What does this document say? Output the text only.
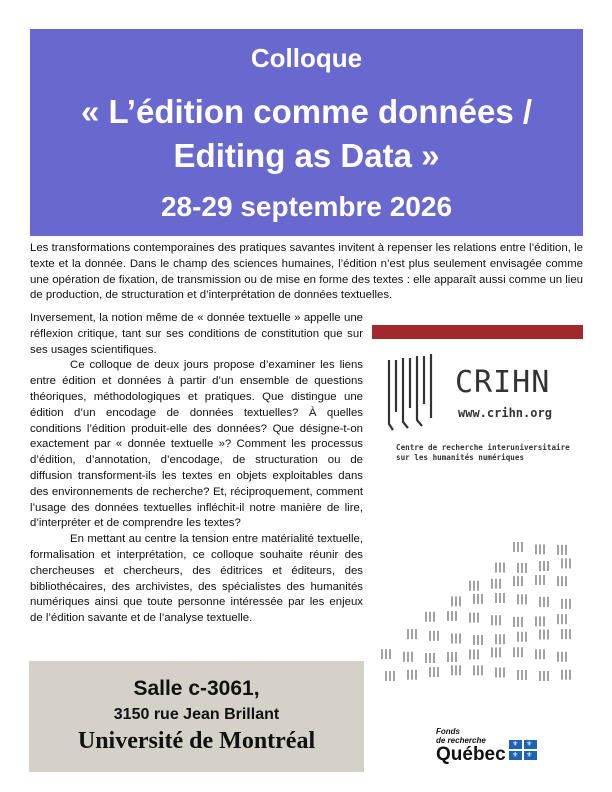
Colloque
« L’édition comme données /
Editing as Data »
28-29 septembre 2026

Les transformations contemporaines des pratiques savantes invitent à repenser les relations entre l’édition, le texte et la donnée. Dans le champ des sciences humaines, l’édition n’est plus seulement envisagée comme une opération de fixation, de transmission ou de mise en forme des textes : elle apparaît aussi comme un lieu de production, de structuration et d’interprétation de données textuelles.

Inversement, la notion même de « donnée textuelle » appelle une réflexion critique, tant sur ses conditions de constitution que sur ses usages scientifiques.

Ce colloque de deux jours propose d’examiner les liens entre édition et données à partir d’un ensemble de questions théoriques, méthodologiques et pratiques. Que distingue une édition d’un encodage de données textuelles? À quelles conditions l’édition produit-elle des données? Que désigne-t-on exactement par « donnée textuelle »? Comment les processus d’édition, d’annotation, d’encodage, de structuration ou de diffusion transforment-ils les textes en objets exploitables dans des environnements de recherche? Et, réciproquement, comment l’usage des données textuelles infléchit-il notre manière de lire, d’interpréter et de comprendre les textes?

En mettant au centre la tension entre matérialité textuelle, formalisation et interprétation, ce colloque souhaite réunir des chercheuses et chercheurs, des éditrices et éditeurs, des bibliothécaires, des archivistes, des spécialistes des humanités numériques ainsi que toute personne intéressée par les enjeux de l’édition savante et de l’analyse textuelle.

CRIHN
www.crihn.org
Centre de recherche interuniversitaire
sur les humanités numériques
Fonds
de recherche
Québec ⚜ ⚜
⚜ ⚜
Salle c-3061,
3150 rue Jean Brillant
Université de Montréal
